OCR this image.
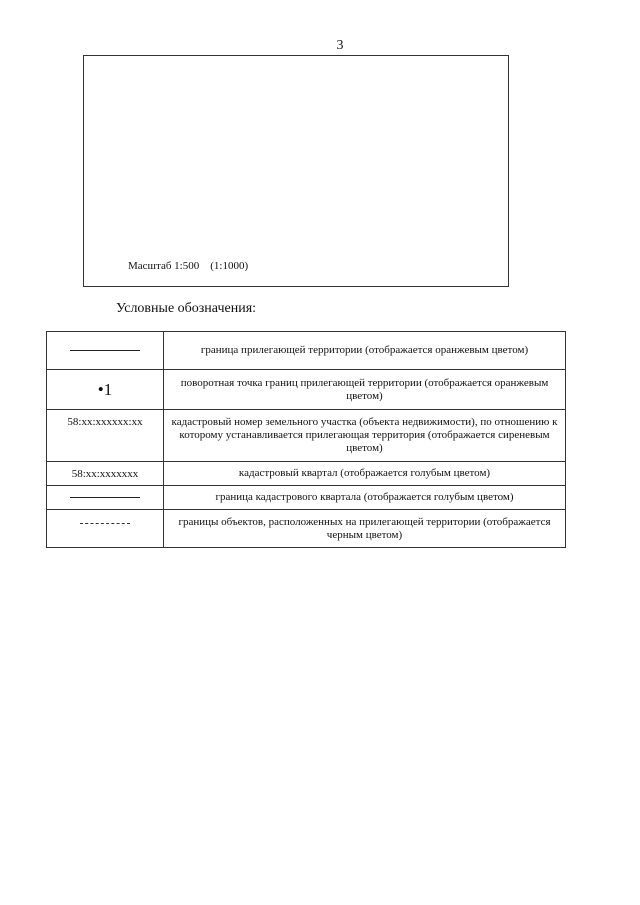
3
Масштаб 1:500    (1:1000)
Условные обозначения:
	граница прилегающей территории (отображается оранжевым цветом)
•1	поворотная точка границ прилегающей территории (отображается оранжевым цветом)
58:хх:хххххх:хх	кадастровый номер земельного участка (объекта недвижимости), по отношению к которому устанавливается прилегающая территория (отображается сиреневым цветом)
58:хх:ххххххх	кадастровый квартал (отображается голубым цветом)
	граница кадастрового квартала (отображается голубым цветом)
	границы объектов, расположенных на прилегающей территории (отображается черным цветом)
